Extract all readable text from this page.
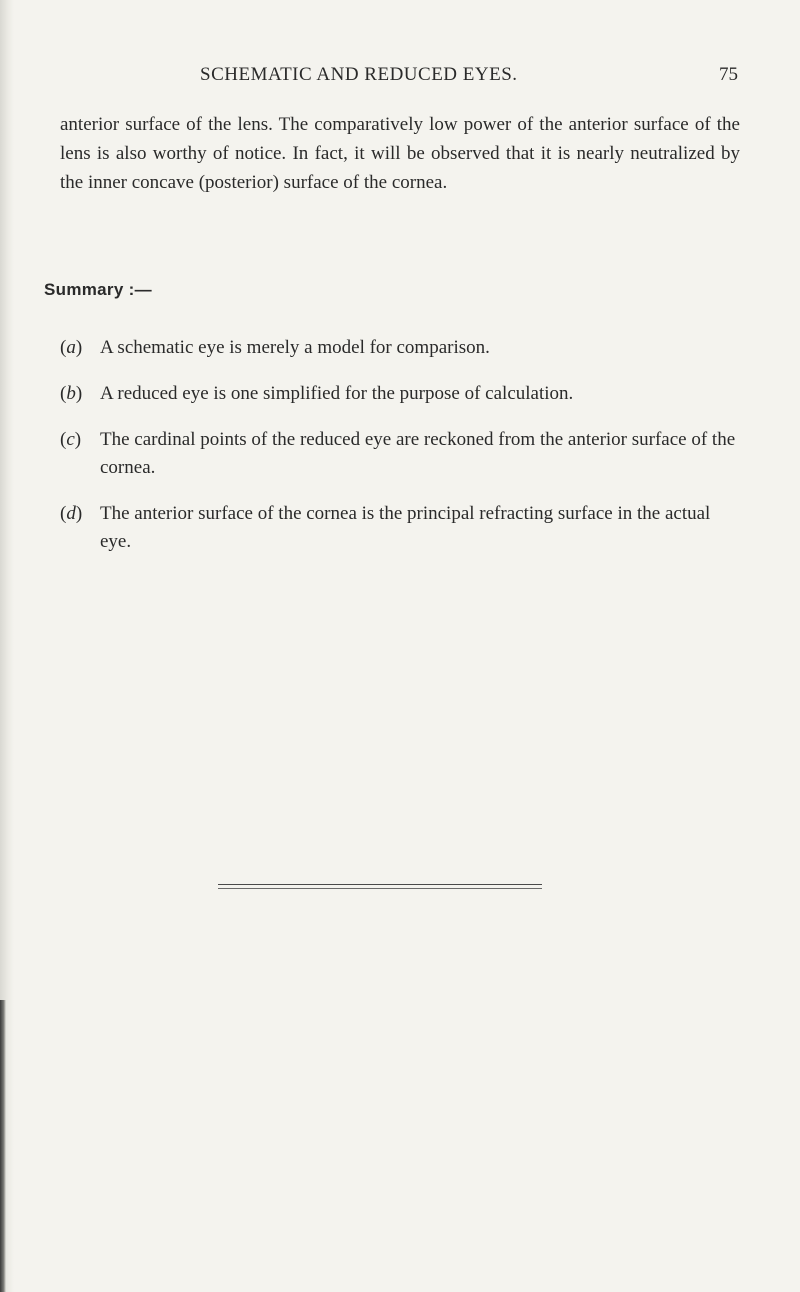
SCHEMATIC AND REDUCED EYES.	75

anterior surface of the lens. The comparatively low power of the anterior surface of the lens is also worthy of notice. In fact, it will be observed that it is nearly neutralized by the inner concave (posterior) surface of the cornea.

Summary :—
(a) A schematic eye is merely a model for comparison.
(b) A reduced eye is one simplified for the purpose of calculation.
(c) The cardinal points of the reduced eye are reckoned from the anterior surface of the cornea.
(d) The anterior surface of the cornea is the principal refracting surface in the actual eye.
